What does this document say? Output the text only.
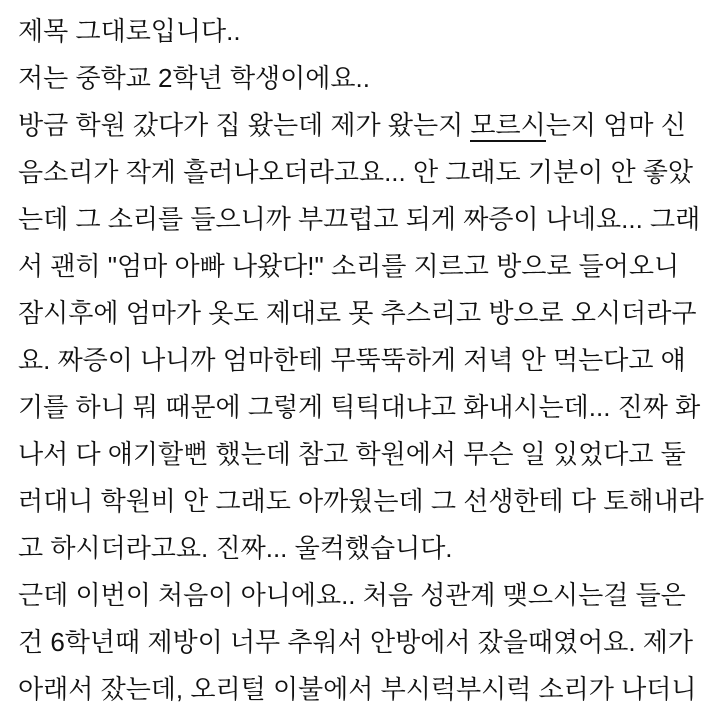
제목 그대로입니다..
저는 중학교 2학년 학생이에요..
방금 학원 갔다가 집 왔는데 제가 왔는지 모르시는지 엄마 신
음소리가 작게 흘러나오더라고요... 안 그래도 기분이 안 좋았
는데 그 소리를 들으니까 부끄럽고 되게 짜증이 나네요... 그래
서 괜히 "엄마 아빠 나왔다!" 소리를 지르고 방으로 들어오니
잠시후에 엄마가 옷도 제대로 못 추스리고 방으로 오시더라구
요. 짜증이 나니까 엄마한테 무뚝뚝하게 저녁 안 먹는다고 얘
기를 하니 뭐 때문에 그렇게 틱틱대냐고 화내시는데... 진짜 화
나서 다 얘기할뻔 했는데 참고 학원에서 무슨 일 있었다고 둘
러대니 학원비 안 그래도 아까웠는데 그 선생한테 다 토해내라
고 하시더라고요. 진짜... 울컥했습니다.
근데 이번이 처음이 아니에요.. 처음 성관계 맺으시는걸 들은
건 6학년때 제방이 너무 추워서 안방에서 잤을때였어요. 제가
아래서 잤는데, 오리털 이불에서 부시럭부시럭 소리가 나더니
